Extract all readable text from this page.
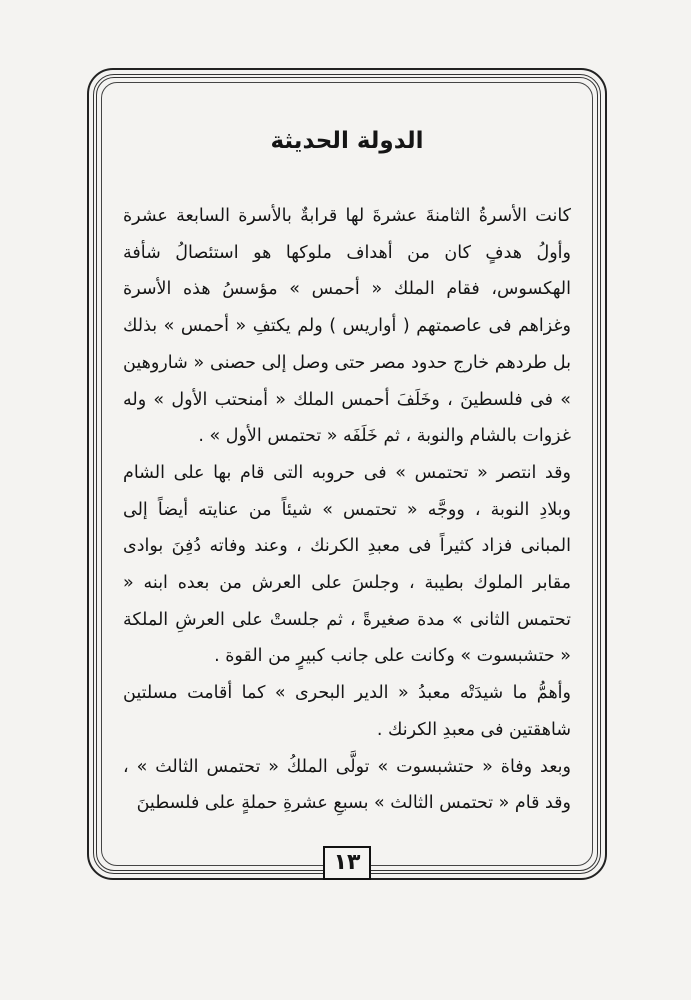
الدولة الحديثة

كانت الأسرةُ الثامنةَ عشرةَ لها قرابةٌ بالأسرة السابعة عشرة وأولُ هدفٍ كان من أهداف ملوكها هو استئصالُ شأفة الهكسوس، فقام الملك « أحمس » مؤسسُ هذه الأسرة وغزاهم فى عاصمتهم ( أواريس ) ولم يكتفِ « أحمس » بذلك بل طردهم خارج حدود مصر حتى وصل إلى حصنى « شاروهين » فى فلسطينَ ، وخَلَفَ أحمس الملك « أمنحتب الأول » وله غزوات بالشام والنوبة ، ثم خَلَفَه « تحتمس الأول » .

وقد انتصر « تحتمس » فى حروبه التى قام بها على الشام وبلادِ النوبة ، ووجَّه « تحتمس » شيئاً من عنايته أيضاً إلى المبانى فزاد كثيراً فى معبدِ الكرنك ، وعند وفاته دُفِنَ بوادى مقابر الملوك بطيبة ، وجلسَ على العرش من بعده ابنه « تحتمس الثانى » مدة صغيرةً ، ثم جلستْ على العرشِ الملكة « حتشبسوت » وكانت على جانب كبيرٍ من القوة .

وأهمُّ ما شيدَتْه معبدُ « الدير البحرى » كما أقامت مسلتين شاهقتين فى معبدِ الكرنك .

وبعد وفاة « حتشبسوت » تولَّى الملكُ « تحتمس الثالث » ، وقد قام « تحتمس الثالث » بسبعِ عشرةِ حملةٍ على فلسطينَ

١٣
